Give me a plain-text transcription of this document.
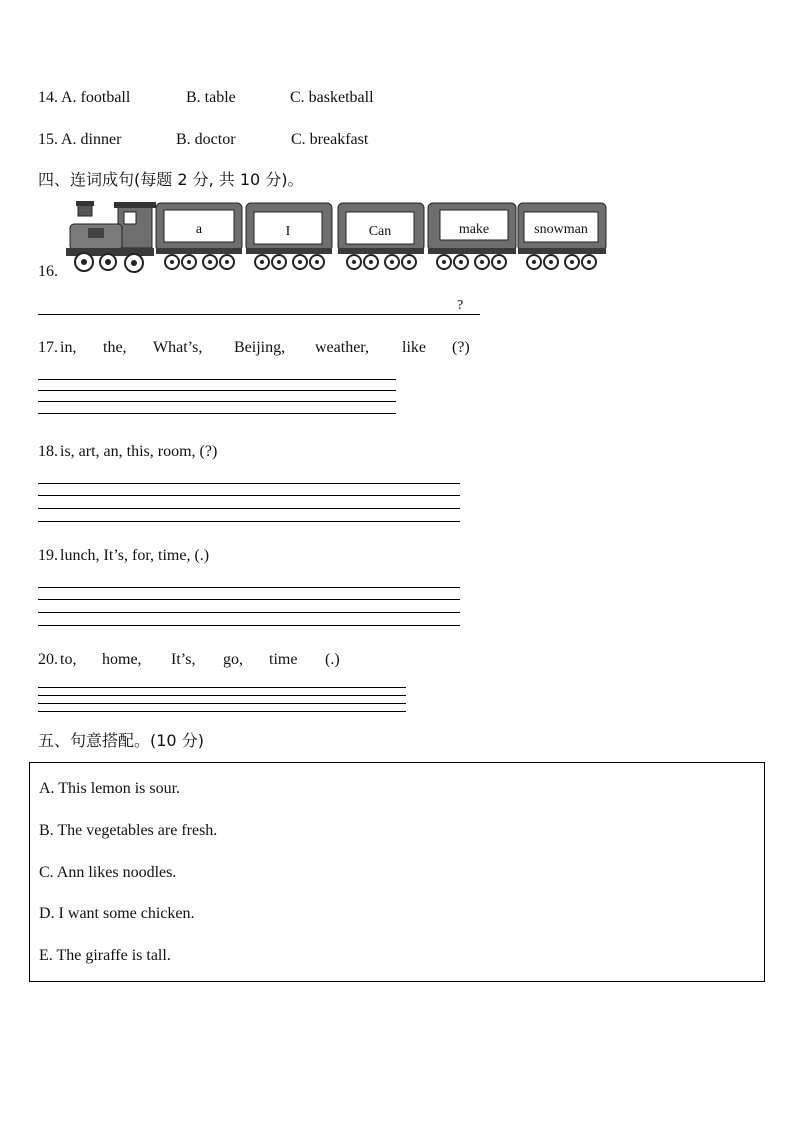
14. A. football	B. table	C. basketball
15. A. dinner	B. doctor	C. breakfast
四、连词成句(每题 2 分, 共 10 分)。
16.
a	I	Can	make	snowman
?
17. in, the, What’s, Beijing, weather, like (?)
18. is, art, an, this, room, (?)
19. lunch, It’s, for, time, (.)
20. to, home, It’s, go, time (.)
五、句意搭配。(10 分)
A. This lemon is sour.
B. The vegetables are fresh.
C. Ann likes noodles.
D. I want some chicken.
E. The giraffe is tall.
